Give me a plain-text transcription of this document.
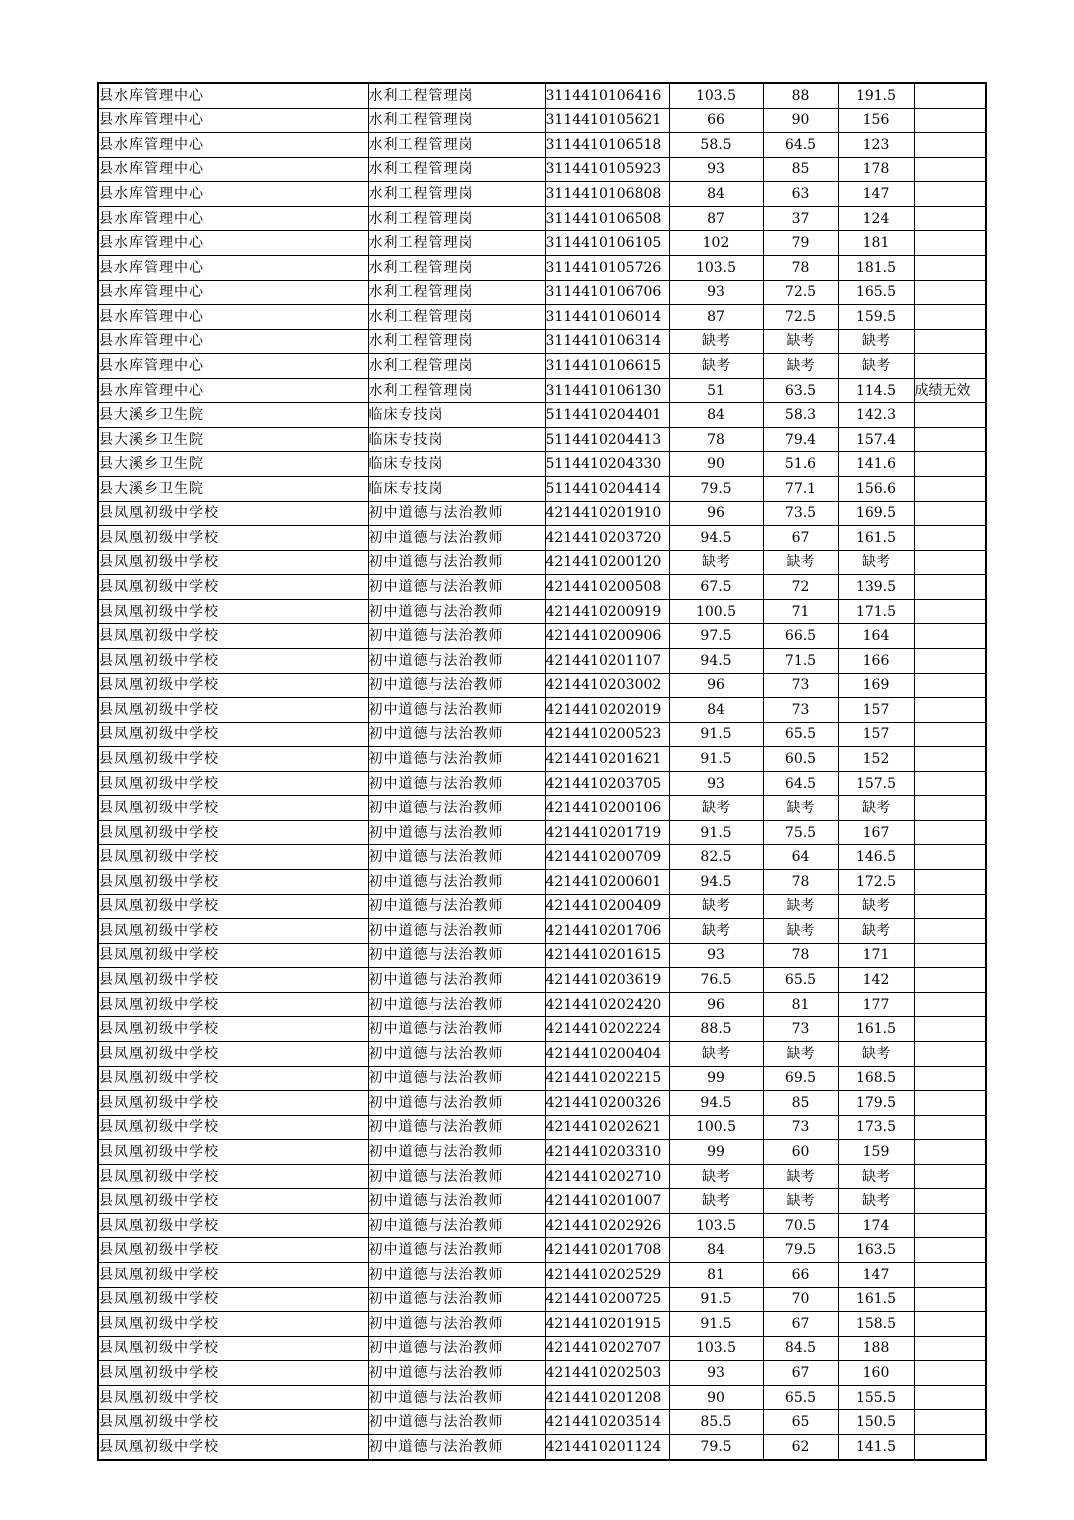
县水库管理中心	水利工程管理岗	3114410106416	103.5	88	191.5	
县水库管理中心	水利工程管理岗	3114410105621	66	90	156	
县水库管理中心	水利工程管理岗	3114410106518	58.5	64.5	123	
县水库管理中心	水利工程管理岗	3114410105923	93	85	178	
县水库管理中心	水利工程管理岗	3114410106808	84	63	147	
县水库管理中心	水利工程管理岗	3114410106508	87	37	124	
县水库管理中心	水利工程管理岗	3114410106105	102	79	181	
县水库管理中心	水利工程管理岗	3114410105726	103.5	78	181.5	
县水库管理中心	水利工程管理岗	3114410106706	93	72.5	165.5	
县水库管理中心	水利工程管理岗	3114410106014	87	72.5	159.5	
县水库管理中心	水利工程管理岗	3114410106314	缺考	缺考	缺考	
县水库管理中心	水利工程管理岗	3114410106615	缺考	缺考	缺考	
县水库管理中心	水利工程管理岗	3114410106130	51	63.5	114.5	成绩无效
县大溪乡卫生院	临床专技岗	5114410204401	84	58.3	142.3	
县大溪乡卫生院	临床专技岗	5114410204413	78	79.4	157.4	
县大溪乡卫生院	临床专技岗	5114410204330	90	51.6	141.6	
县大溪乡卫生院	临床专技岗	5114410204414	79.5	77.1	156.6	
县凤凰初级中学校	初中道德与法治教师	4214410201910	96	73.5	169.5	
县凤凰初级中学校	初中道德与法治教师	4214410203720	94.5	67	161.5	
县凤凰初级中学校	初中道德与法治教师	4214410200120	缺考	缺考	缺考	
县凤凰初级中学校	初中道德与法治教师	4214410200508	67.5	72	139.5	
县凤凰初级中学校	初中道德与法治教师	4214410200919	100.5	71	171.5	
县凤凰初级中学校	初中道德与法治教师	4214410200906	97.5	66.5	164	
县凤凰初级中学校	初中道德与法治教师	4214410201107	94.5	71.5	166	
县凤凰初级中学校	初中道德与法治教师	4214410203002	96	73	169	
县凤凰初级中学校	初中道德与法治教师	4214410202019	84	73	157	
县凤凰初级中学校	初中道德与法治教师	4214410200523	91.5	65.5	157	
县凤凰初级中学校	初中道德与法治教师	4214410201621	91.5	60.5	152	
县凤凰初级中学校	初中道德与法治教师	4214410203705	93	64.5	157.5	
县凤凰初级中学校	初中道德与法治教师	4214410200106	缺考	缺考	缺考	
县凤凰初级中学校	初中道德与法治教师	4214410201719	91.5	75.5	167	
县凤凰初级中学校	初中道德与法治教师	4214410200709	82.5	64	146.5	
县凤凰初级中学校	初中道德与法治教师	4214410200601	94.5	78	172.5	
县凤凰初级中学校	初中道德与法治教师	4214410200409	缺考	缺考	缺考	
县凤凰初级中学校	初中道德与法治教师	4214410201706	缺考	缺考	缺考	
县凤凰初级中学校	初中道德与法治教师	4214410201615	93	78	171	
县凤凰初级中学校	初中道德与法治教师	4214410203619	76.5	65.5	142	
县凤凰初级中学校	初中道德与法治教师	4214410202420	96	81	177	
县凤凰初级中学校	初中道德与法治教师	4214410202224	88.5	73	161.5	
县凤凰初级中学校	初中道德与法治教师	4214410200404	缺考	缺考	缺考	
县凤凰初级中学校	初中道德与法治教师	4214410202215	99	69.5	168.5	
县凤凰初级中学校	初中道德与法治教师	4214410200326	94.5	85	179.5	
县凤凰初级中学校	初中道德与法治教师	4214410202621	100.5	73	173.5	
县凤凰初级中学校	初中道德与法治教师	4214410203310	99	60	159	
县凤凰初级中学校	初中道德与法治教师	4214410202710	缺考	缺考	缺考	
县凤凰初级中学校	初中道德与法治教师	4214410201007	缺考	缺考	缺考	
县凤凰初级中学校	初中道德与法治教师	4214410202926	103.5	70.5	174	
县凤凰初级中学校	初中道德与法治教师	4214410201708	84	79.5	163.5	
县凤凰初级中学校	初中道德与法治教师	4214410202529	81	66	147	
县凤凰初级中学校	初中道德与法治教师	4214410200725	91.5	70	161.5	
县凤凰初级中学校	初中道德与法治教师	4214410201915	91.5	67	158.5	
县凤凰初级中学校	初中道德与法治教师	4214410202707	103.5	84.5	188	
县凤凰初级中学校	初中道德与法治教师	4214410202503	93	67	160	
县凤凰初级中学校	初中道德与法治教师	4214410201208	90	65.5	155.5	
县凤凰初级中学校	初中道德与法治教师	4214410203514	85.5	65	150.5	
县凤凰初级中学校	初中道德与法治教师	4214410201124	79.5	62	141.5	
